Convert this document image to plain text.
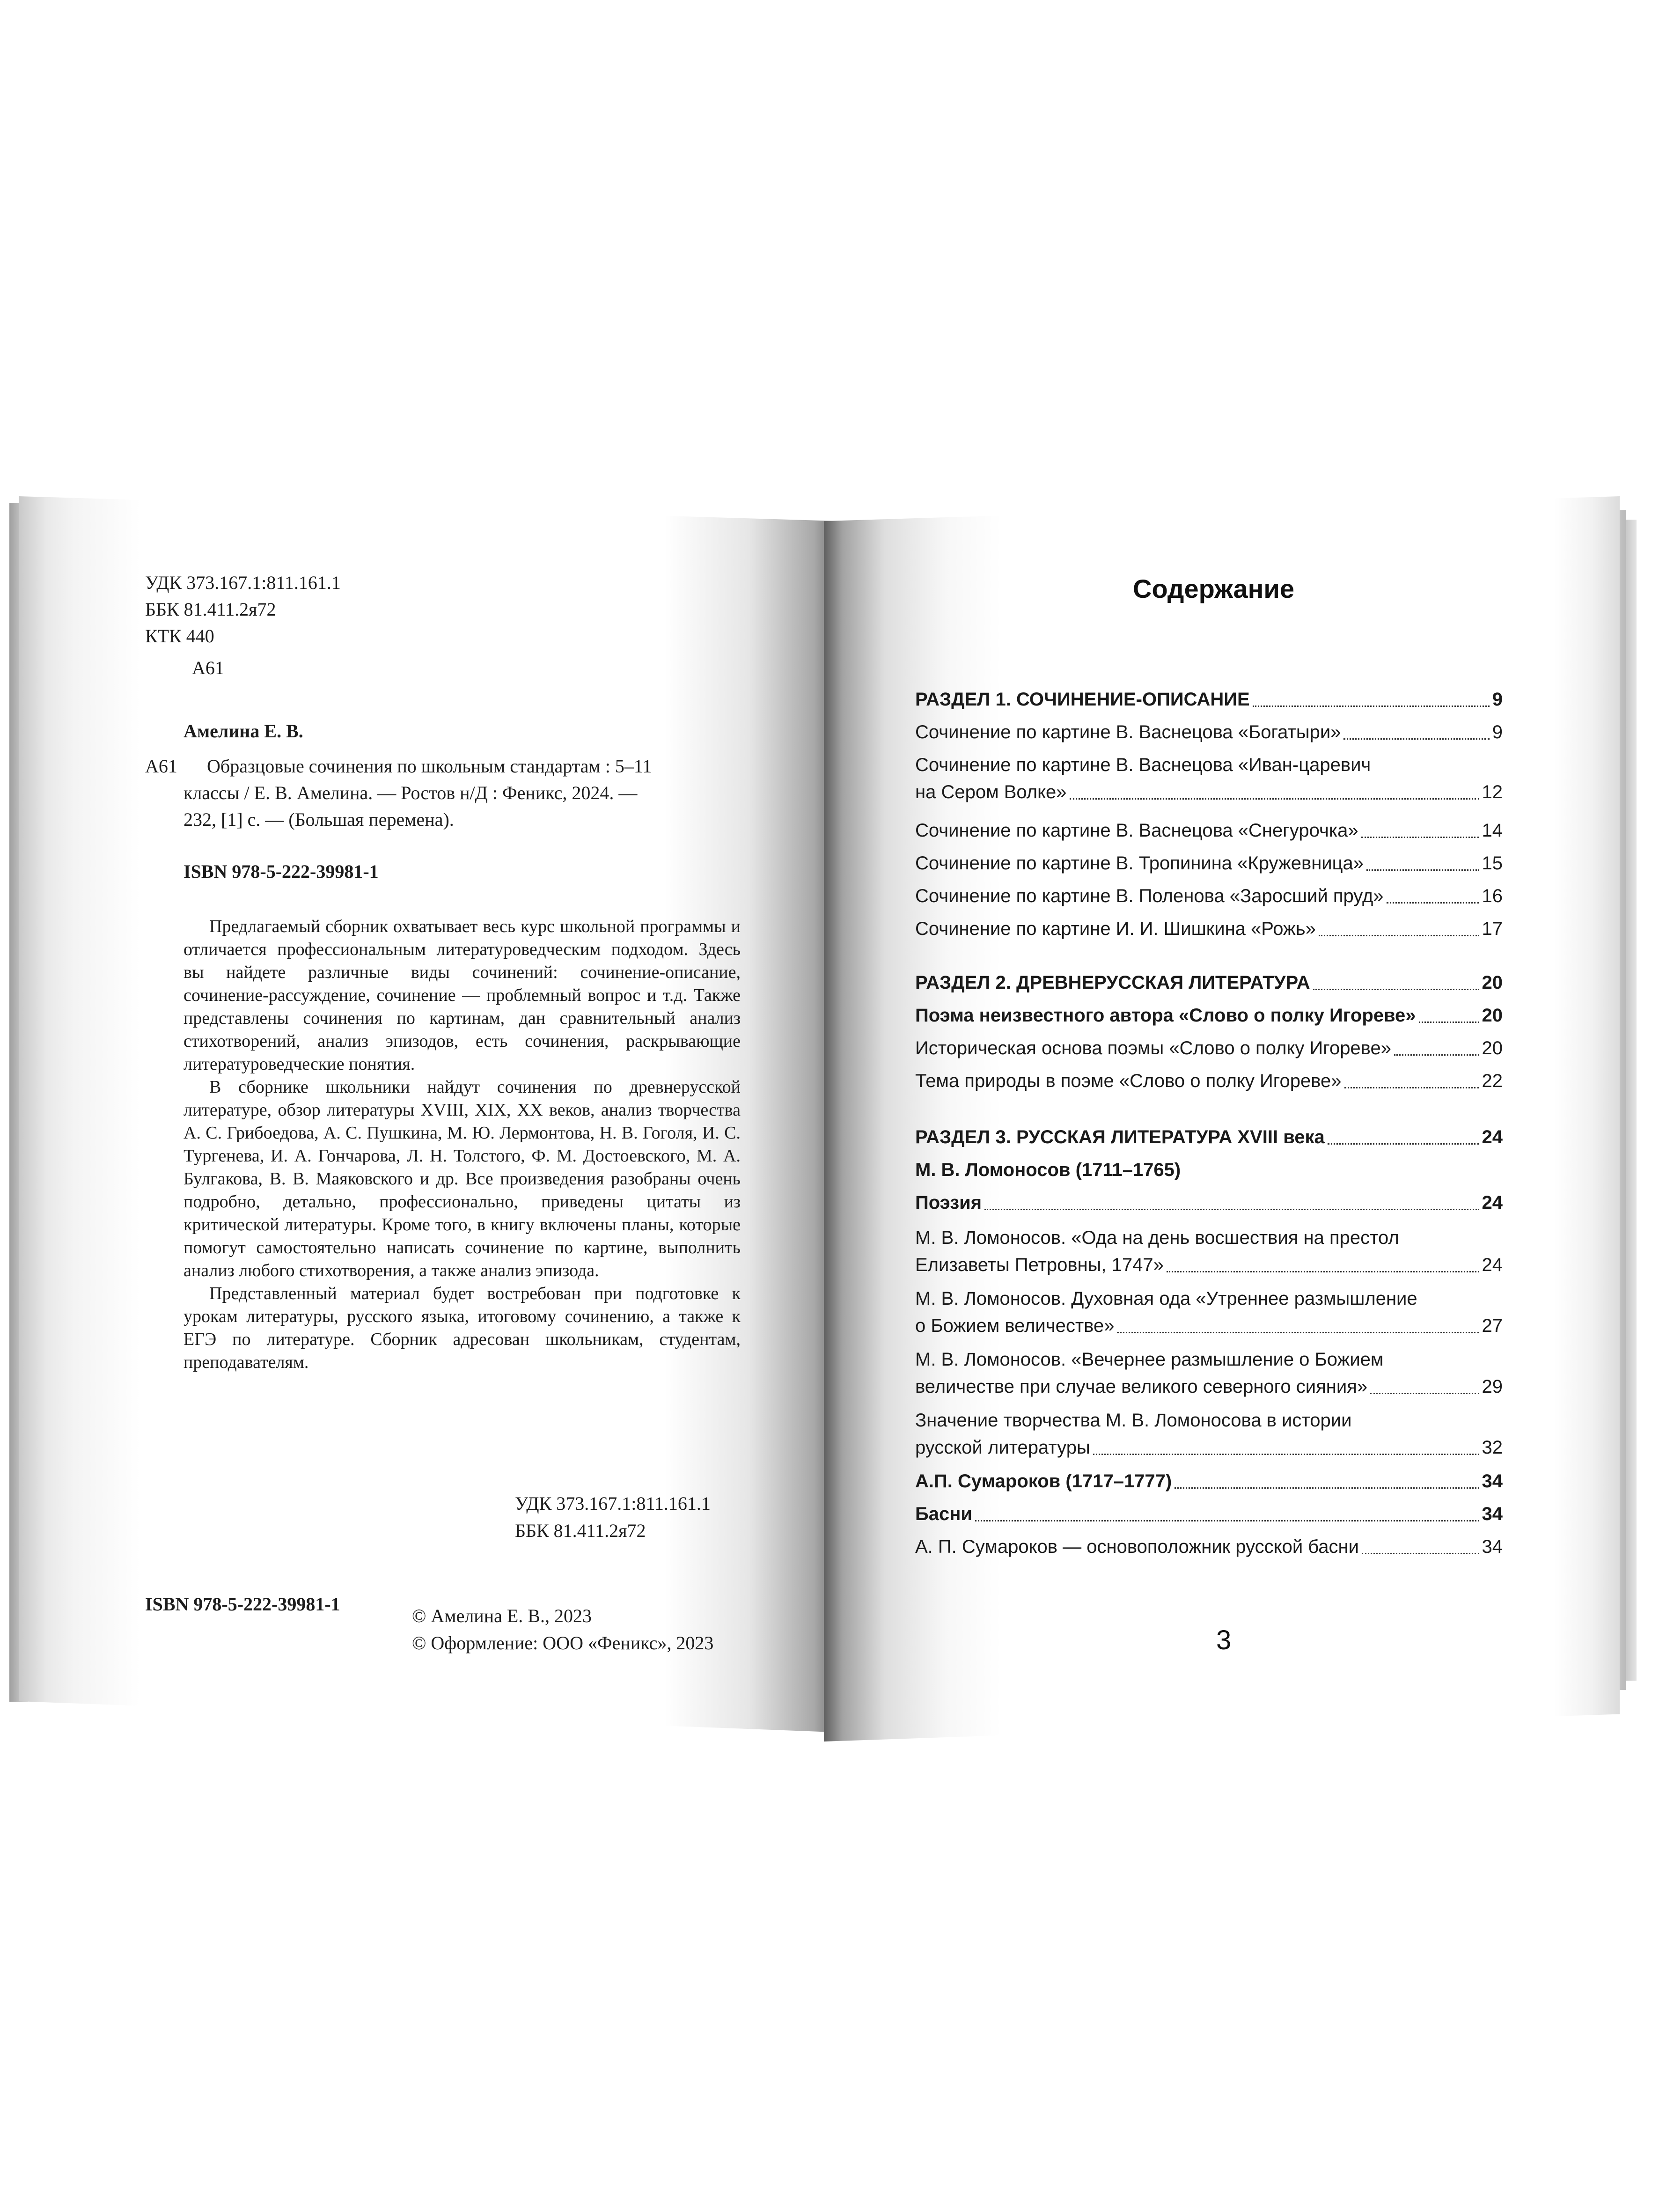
УДК 373.167.1:811.161.1
ББК 81.411.2я72
КТК 440
А61
Амелина Е. В.
А61 Образцовые сочинения по школьным стандартам : 5–11
классы / Е. В. Амелина. — Ростов н/Д : Феникс, 2024. —
232, [1] с. — (Большая перемена).
ISBN 978-5-222-39981-1

Предлагаемый сборник охватывает весь курс школьной программы и отличается профессиональным литературоведческим подходом. Здесь вы найдете различные виды сочинений: сочинение-описание, сочинение-рассуждение, сочинение — проблемный вопрос и т.д. Также представлены сочинения по картинам, дан сравнительный анализ стихотворений, анализ эпизодов, есть сочинения, раскрывающие литературоведческие понятия.

В сборнике школьники найдут сочинения по древнерусской литературе, обзор литературы XVIII, XIX, XX веков, анализ творчества А. С. Грибоедова, А. С. Пушкина, М. Ю. Лермонтова, Н. В. Гоголя, И. С. Тургенева, И. А. Гончарова, Л. Н. Толстого, Ф. М. Достоевского, М. А. Булгакова, В. В. Маяковского и др. Все произведения разобраны очень подробно, детально, профессионально, приведены цитаты из критической литературы. Кроме того, в книгу включены планы, которые помогут самостоятельно написать сочинение по картине, выполнить анализ любого стихотворения, а также анализ эпизода.

Представленный материал будет востребован при подготовке к урокам литературы, русского языка, итоговому сочинению, а также к ЕГЭ по литературе. Сборник адресован школьникам, студентам, преподавателям.

УДК 373.167.1:811.161.1
ББК 81.411.2я72
ISBN 978-5-222-39981-1
© Амелина Е. В., 2023
© Оформление: ООО «Феникс», 2023
Содержание
РАЗДЕЛ 1. СОЧИНЕНИЕ-ОПИСАНИЕ	9
Сочинение по картине В. Васнецова «Богатыри»	9
Сочинение по картине В. Васнецова «Иван-царевич
на Сером Волке»	12
Сочинение по картине В. Васнецова «Снегурочка»	14
Сочинение по картине В. Тропинина «Кружевница»	15
Сочинение по картине В. Поленова «Заросший пруд»	16
Сочинение по картине И. И. Шишкина «Рожь»	17
РАЗДЕЛ 2. ДРЕВНЕРУССКАЯ ЛИТЕРАТУРА	20
Поэма неизвестного автора «Слово о полку Игореве»	20
Историческая основа поэмы «Слово о полку Игореве»	20
Тема природы в поэме «Слово о полку Игореве»	22
РАЗДЕЛ 3. РУССКАЯ ЛИТЕРАТУРА XVIII века	24
М. В. Ломоносов (1711–1765)
Поэзия	24
М. В. Ломоносов. «Ода на день восшествия на престол
Елизаветы Петровны, 1747»	24
М. В. Ломоносов. Духовная ода «Утреннее размышление
о Божием величестве»	27
М. В. Ломоносов. «Вечернее размышление о Божием
величестве при случае великого северного сияния»	29
Значение творчества М. В. Ломоносова в истории
русской литературы	32
А.П. Сумароков (1717–1777)	34
Басни	34
А. П. Сумароков — основоположник русской басни	34
3
